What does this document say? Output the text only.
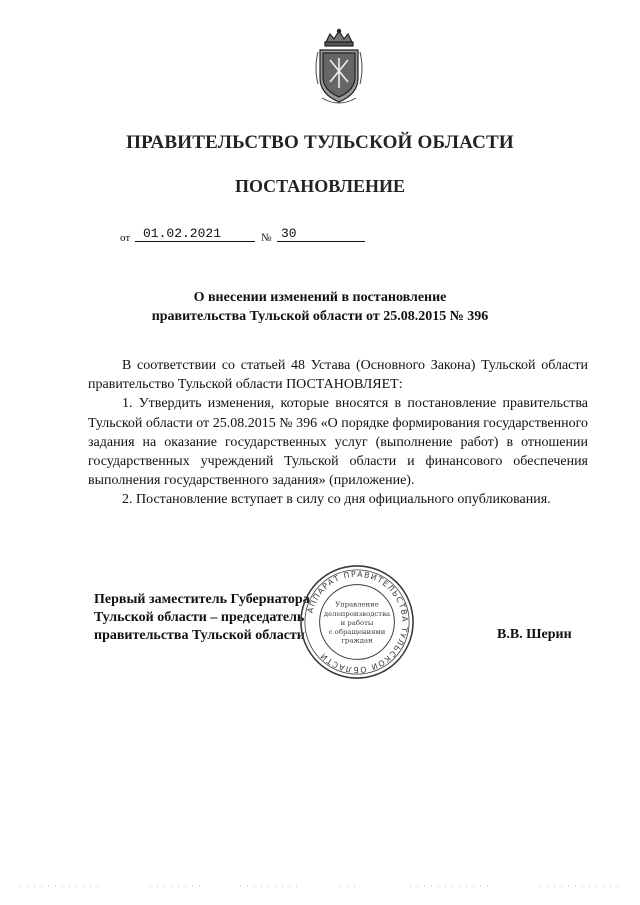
ПРАВИТЕЛЬСТВО ТУЛЬСКОЙ ОБЛАСТИ
ПОСТАНОВЛЕНИЕ
от 01.02.2021	№ 30
О внесении изменений в постановление
правительства Тульской области от 25.08.2015 № 396

В соответствии со статьей 48 Устава (Основного Закона) Тульской области правительство Тульской области ПОСТАНОВЛЯЕТ:

1. Утвердить изменения, которые вносятся в постановление правительства Тульской области от 25.08.2015 № 396 «О порядке формирования государственного задания на оказание государственных услуг (выполнение работ) в отношении государственных учреждений Тульской области и финансового обеспечения выполнения государственного задания» (приложение).

2. Постановление вступает в силу со дня официального опубликования.

Первый заместитель Губернатора
Тульской области – председатель
правительства Тульской области	В.В. Шерин
АППАРАТ ПРАВИТЕЛЬСТВА ТУЛЬСКОЙ ОБЛАСТИ
Управление
делопроизводства
и работы
с обращениями
граждан
